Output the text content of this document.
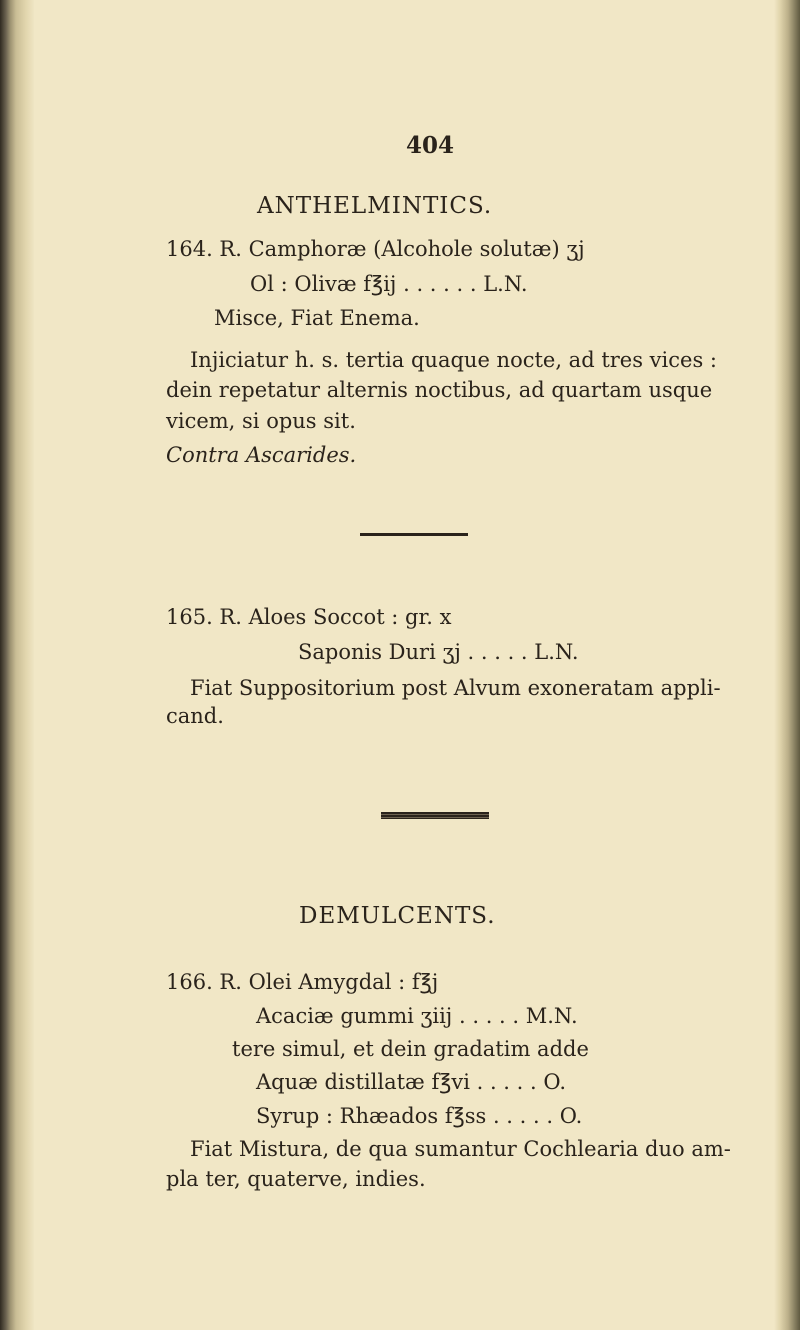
404
ANTHELMINTICS.
164. R. Camphoræ (Alcohole solutæ) ʒj
Ol : Olivæ f℥ij . . . . . . L.N.
Misce, Fiat Enema.
Injiciatur h. s. tertia quaque nocte, ad tres vices :
dein repetatur alternis noctibus, ad quartam usque
vicem, si opus sit.
Contra Ascarides.
165. R. Aloes Soccot : gr. x
Saponis Duri ʒj . . . . . L.N.
Fiat Suppositorium post Alvum exoneratam appli-
cand.
DEMULCENTS.
166. R. Olei Amygdal : f℥j
Acaciæ gummi ʒiij . . . . . M.N.
tere simul, et dein gradatim adde
Aquæ distillatæ f℥vi . . . . . O.
Syrup : Rhæados f℥ss . . . . . O.
Fiat Mistura, de qua sumantur Cochlearia duo am-
pla ter, quaterve, indies.
